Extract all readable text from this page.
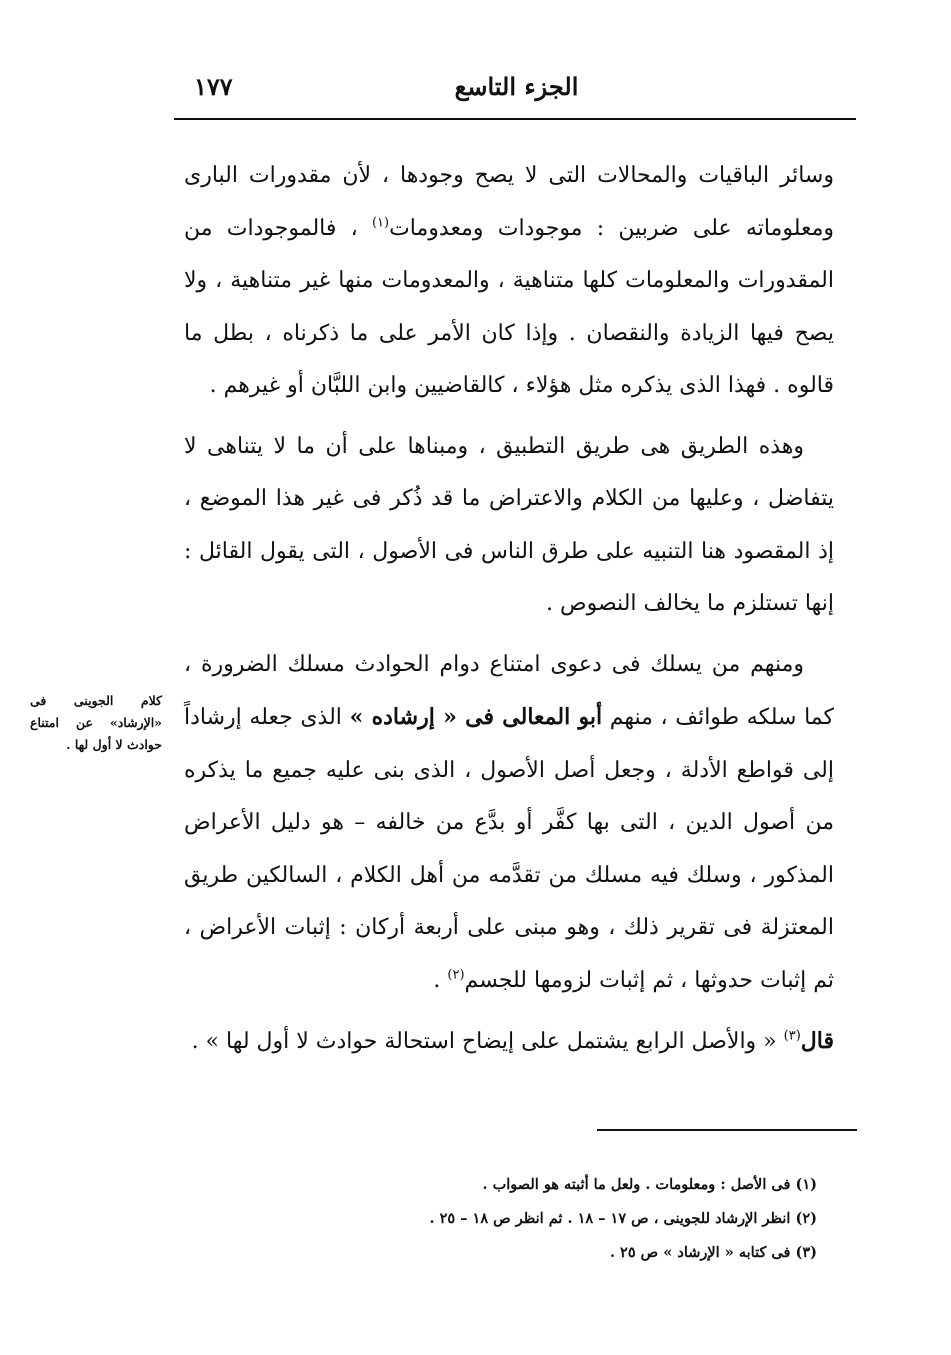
١٧٧	الجزء التاسع

وسائر الباقيات والمحالات التى لا يصح وجودها ، لأن مقدورات البارى ومعلوماته على ضربين : موجودات ومعدومات$^{(١)}$ ، فالموجودات من المقدورات والمعلومات كلها متناهية ، والمعدومات منها غير متناهية ، ولا يصح فيها الزيادة والنقصان . وإذا كان الأمر على ما ذكرناه ، بطل ما قالوه . فهذا الذى يذكره مثل هؤلاء ، كالقاضيين وابن اللبَّان أو غيرهم .

وهذه الطريق هى طريق التطبيق ، ومبناها على أن ما لا يتناهى لا يتفاضل ، وعليها من الكلام والاعتراض ما قد ذُكر فى غير هذا الموضع ، إذ المقصود هنا التنبيه على طرق الناس فى الأصول ، التى يقول القائل : إنها تستلزم ما يخالف النصوص .

ومنهم من يسلك فى دعوى امتناع دوام الحوادث مسلك الضرورة ، كما سلكه طوائف ، منهم أبو المعالى فى « إرشاده » الذى جعله إرشاداً إلى قواطع الأدلة ، وجعل أصل الأصول ، الذى بنى عليه جميع ما يذكره من أصول الدين ، التى بها كفَّر أو بدَّع من خالفه – هو دليل الأعراض المذكور ، وسلك فيه مسلك من تقدَّمه من أهل الكلام ، السالكين طريق المعتزلة فى تقرير ذلك ، وهو مبنى على أربعة أركان : إثبات الأعراض ، ثم إثبات حدوثها ، ثم إثبات لزومها للجسم$^{(٢)}$ .

قال$^{(٣)}$ « والأصل الرابع يشتمل على إيضاح استحالة حوادث لا أول لها » .

كلام الجوينى فى «الإرشاد» عن امتناع حوادث لا أول لها .
(١) فى الأصل : ومعلومات . ولعل ما أثبته هو الصواب .
(٢) انظر الإرشاد للجوينى ، ص ١٧ – ١٨ . ثم انظر ص ١٨ – ٢٥ .
(٣) فى كتابه « الإرشاد » ص ٢٥ .
